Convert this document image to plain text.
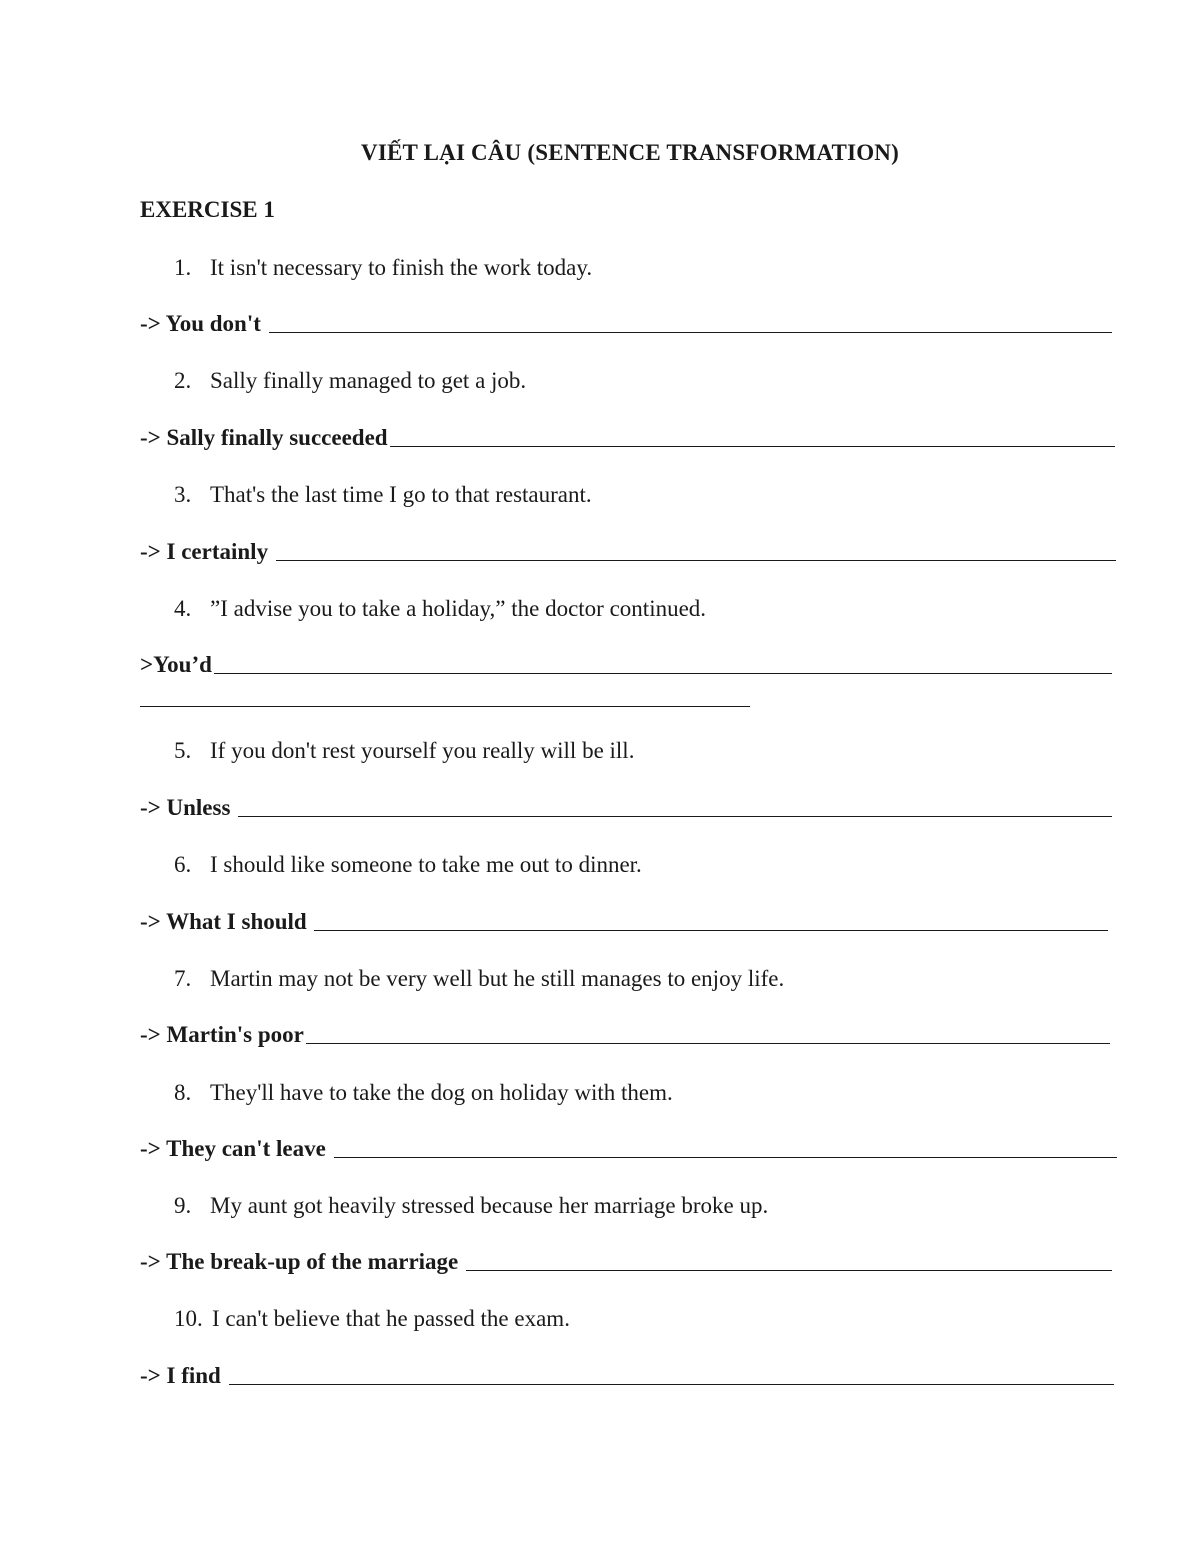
VIẾT LẠI CÂU (SENTENCE TRANSFORMATION)
EXERCISE 1
1. It isn't necessary to finish the work today.
-> You don't
2. Sally finally managed to get a job.
-> Sally finally succeeded
3. That's the last time I go to that restaurant.
-> I certainly
4. ”I advise you to take a holiday,” the doctor continued.
>You’d
5. If you don't rest yourself you really will be ill.
-> Unless
6. I should like someone to take me out to dinner.
-> What I should
7. Martin may not be very well but he still manages to enjoy life.
-> Martin's poor
8. They'll have to take the dog on holiday with them.
-> They can't leave
9. My aunt got heavily stressed because her marriage broke up.
-> The break-up of the marriage
10. I can't believe that he passed the exam.
-> I find
